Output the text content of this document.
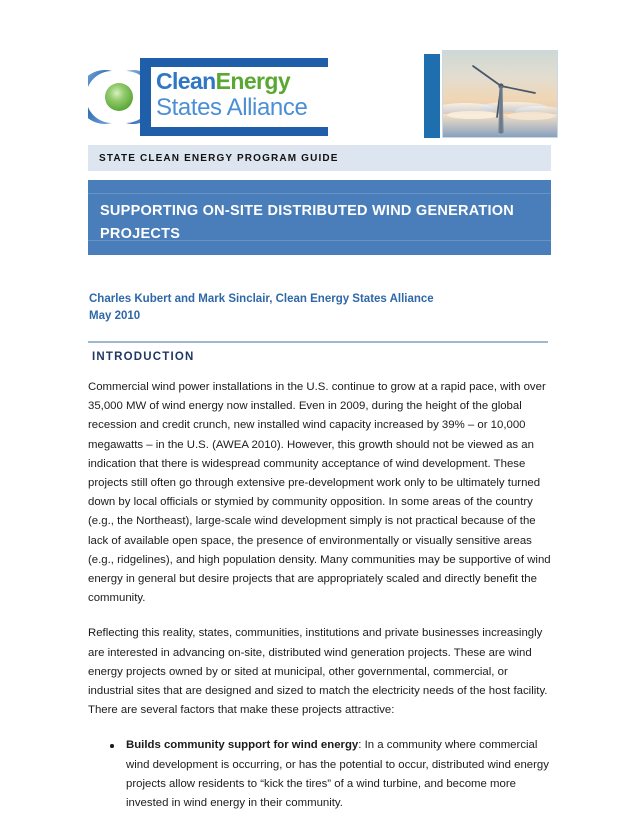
CleanEnergy
States Alliance
STATE CLEAN ENERGY PROGRAM GUIDE
SUPPORTING ON-SITE DISTRIBUTED WIND GENERATION PROJECTS
Charles Kubert and Mark Sinclair, Clean Energy States Alliance
May 2010
INTRODUCTION

Commercial wind power installations in the U.S. continue to grow at a rapid pace, with over 35,000 MW of wind energy now installed. Even in 2009, during the height of the global recession and credit crunch, new installed wind capacity increased by 39% – or 10,000 megawatts – in the U.S. (AWEA 2010). However, this growth should not be viewed as an indication that there is widespread community acceptance of wind development. These projects still often go through extensive pre-development work only to be ultimately turned down by local officials or stymied by community opposition. In some areas of the country (e.g., the Northeast), large-scale wind development simply is not practical because of the lack of available open space, the presence of environmentally or visually sensitive areas (e.g., ridgelines), and high population density. Many communities may be supportive of wind energy in general but desire projects that are appropriately scaled and directly benefit the community.

Reflecting this reality, states, communities, institutions and private businesses increasingly are interested in advancing on-site, distributed wind generation projects. These are wind energy projects owned by or sited at municipal, other governmental, commercial, or industrial sites that are designed and sized to match the electricity needs of the host facility. There are several factors that make these projects attractive:

Builds community support for wind energy: In a community where commercial wind development is occurring, or has the potential to occur, distributed wind energy projects allow residents to “kick the tires” of a wind turbine, and become more invested in wind energy in their community.
